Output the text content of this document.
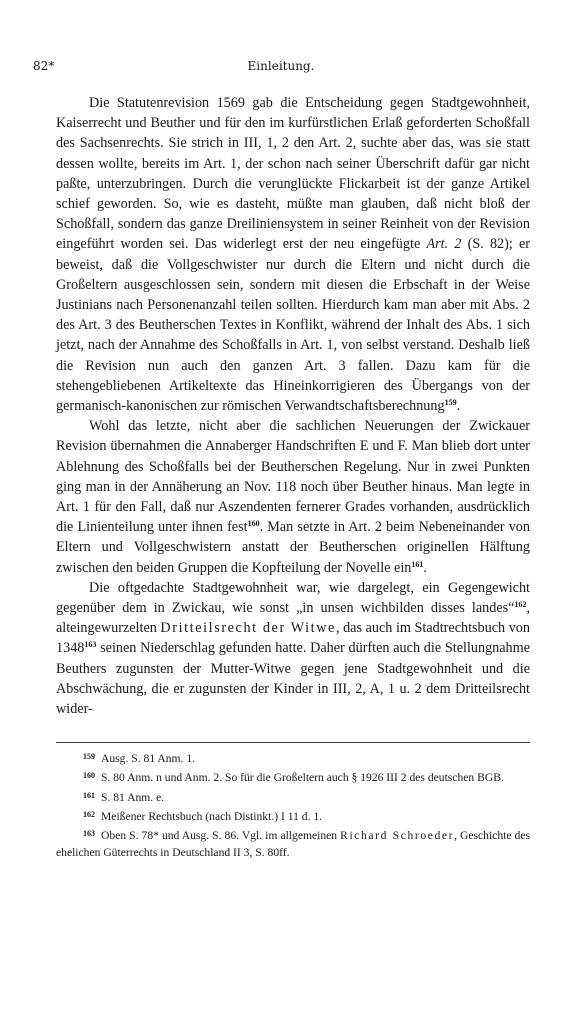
82*	Einleitung.

Die Statutenrevision 1569 gab die Entscheidung gegen Stadtgewohnheit, Kaiserrecht und Beuther und für den im kurfürstlichen Erlaß geforderten Schoßfall des Sachsenrechts. Sie strich in III, 1, 2 den Art. 2, suchte aber das, was sie statt dessen wollte, bereits im Art. 1, der schon nach seiner Überschrift dafür gar nicht paßte, unterzubringen. Durch die verunglückte Flickarbeit ist der ganze Artikel schief geworden. So, wie es dasteht, müßte man glauben, daß nicht bloß der Schoßfall, sondern das ganze Dreiliniensystem in seiner Reinheit von der Revision eingeführt worden sei. Das widerlegt erst der neu eingefügte Art. 2 (S. 82); er beweist, daß die Vollgeschwister nur durch die Eltern und nicht durch die Großeltern ausgeschlossen sein, sondern mit diesen die Erbschaft in der Weise Justinians nach Personenanzahl teilen sollten. Hierdurch kam man aber mit Abs. 2 des Art. 3 des Beutherschen Textes in Konflikt, während der Inhalt des Abs. 1 sich jetzt, nach der Annahme des Schoßfalls in Art. 1, von selbst verstand. Deshalb ließ die Revision nun auch den ganzen Art. 3 fallen. Dazu kam für die stehengebliebenen Artikeltexte das Hineinkorrigieren des Übergangs von der germanisch-kanonischen zur römischen Verwandtschaftsberechnung$^{159}$.

Wohl das letzte, nicht aber die sachlichen Neuerungen der Zwickauer Revision übernahmen die Annaberger Handschriften E und F. Man blieb dort unter Ablehnung des Schoßfalls bei der Beutherschen Regelung. Nur in zwei Punkten ging man in der Annäherung an Nov. 118 noch über Beuther hinaus. Man legte in Art. 1 für den Fall, daß nur Aszendenten fernerer Grades vorhanden, ausdrücklich die Linienteilung unter ihnen fest$^{160}$. Man setzte in Art. 2 beim Nebeneinander von Eltern und Vollgeschwistern anstatt der Beutherschen originellen Hälftung zwischen den beiden Gruppen die Kopfteilung der Novelle ein$^{161}$.

Die oftgedachte Stadtgewohnheit war, wie dargelegt, ein Gegengewicht gegenüber dem in Zwickau, wie sonst „in unsen wichbilden disses landes“$^{162}$, alteingewurzelten Dritteilsrecht der Witwe, das auch im Stadtrechtsbuch von 1348$^{163}$ seinen Niederschlag gefunden hatte. Daher dürften auch die Stellungnahme Beuthers zugunsten der Mutter-Witwe gegen jene Stadtgewohnheit und die Abschwächung, die er zugunsten der Kinder in III, 2, A, 1 u. 2 dem Dritteilsrecht wider-

$^{159}$ Ausg. S. 81 Anm. 1.
$^{160}$ S. 80 Anm. n und Anm. 2. So für die Großeltern auch § 1926 III 2 des deutschen BGB.
$^{161}$ S. 81 Anm. e.
$^{162}$ Meißener Rechtsbuch (nach Distinkt.) I 11 d. 1.
$^{163}$ Oben S. 78* und Ausg. S. 86. Vgl. im allgemeinen Richard Schroeder, Geschichte des ehelichen Güterrechts in Deutschland II 3, S. 80ff.
